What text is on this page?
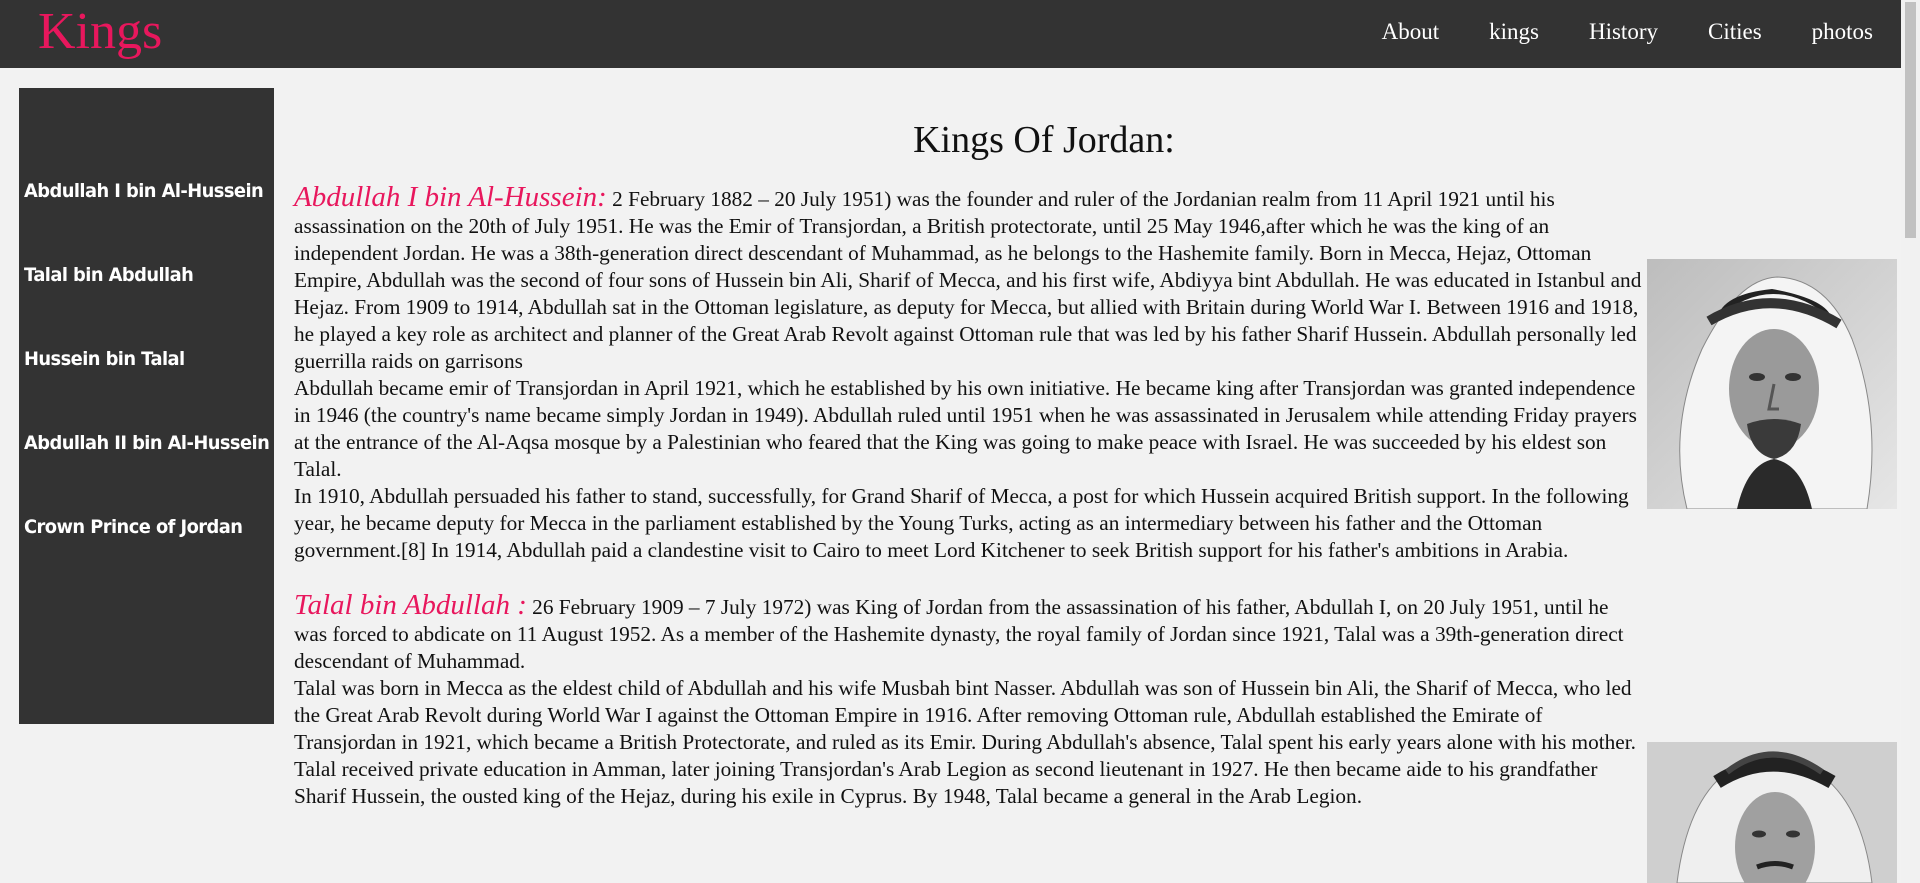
Kings	About kings History Cities photos
Abdullah I bin Al-Hussein
Talal bin Abdullah
Hussein bin Talal
Abdullah II bin Al-Hussein
Crown Prince of Jordan
Kings Of Jordan:

Abdullah I bin Al-Hussein: 2 February 1882 – 20 July 1951) was the founder and ruler of the Jordanian realm from 11 April 1921 until his assassination on the 20th of July 1951. He was the Emir of Transjordan, a British protectorate, until 25 May 1946,after which he was the king of an independent Jordan. He was a 38th-generation direct descendant of Muhammad, as he belongs to the Hashemite family. Born in Mecca, Hejaz, Ottoman Empire, Abdullah was the second of four sons of Hussein bin Ali, Sharif of Mecca, and his first wife, Abdiyya bint Abdullah. He was educated in Istanbul and Hejaz. From 1909 to 1914, Abdullah sat in the Ottoman legislature, as deputy for Mecca, but allied with Britain during World War I. Between 1916 and 1918, he played a key role as architect and planner of the Great Arab Revolt against Ottoman rule that was led by his father Sharif Hussein. Abdullah personally led guerrilla raids on garrisons

Abdullah became emir of Transjordan in April 1921, which he established by his own initiative. He became king after Transjordan was granted independence in 1946 (the country's name became simply Jordan in 1949). Abdullah ruled until 1951 when he was assassinated in Jerusalem while attending Friday prayers at the entrance of the Al-Aqsa mosque by a Palestinian who feared that the King was going to make peace with Israel. He was succeeded by his eldest son Talal.

In 1910, Abdullah persuaded his father to stand, successfully, for Grand Sharif of Mecca, a post for which Hussein acquired British support. In the following year, he became deputy for Mecca in the parliament established by the Young Turks, acting as an intermediary between his father and the Ottoman government.[8] In 1914, Abdullah paid a clandestine visit to Cairo to meet Lord Kitchener to seek British support for his father's ambitions in Arabia.

Talal bin Abdullah : 26 February 1909 – 7 July 1972) was King of Jordan from the assassination of his father, Abdullah I, on 20 July 1951, until he was forced to abdicate on 11 August 1952. As a member of the Hashemite dynasty, the royal family of Jordan since 1921, Talal was a 39th-generation direct descendant of Muhammad.

Talal was born in Mecca as the eldest child of Abdullah and his wife Musbah bint Nasser. Abdullah was son of Hussein bin Ali, the Sharif of Mecca, who led the Great Arab Revolt during World War I against the Ottoman Empire in 1916. After removing Ottoman rule, Abdullah established the Emirate of Transjordan in 1921, which became a British Protectorate, and ruled as its Emir. During Abdullah's absence, Talal spent his early years alone with his mother. Talal received private education in Amman, later joining Transjordan's Arab Legion as second lieutenant in 1927. He then became aide to his grandfather Sharif Hussein, the ousted king of the Hejaz, during his exile in Cyprus. By 1948, Talal became a general in the Arab Legion.
